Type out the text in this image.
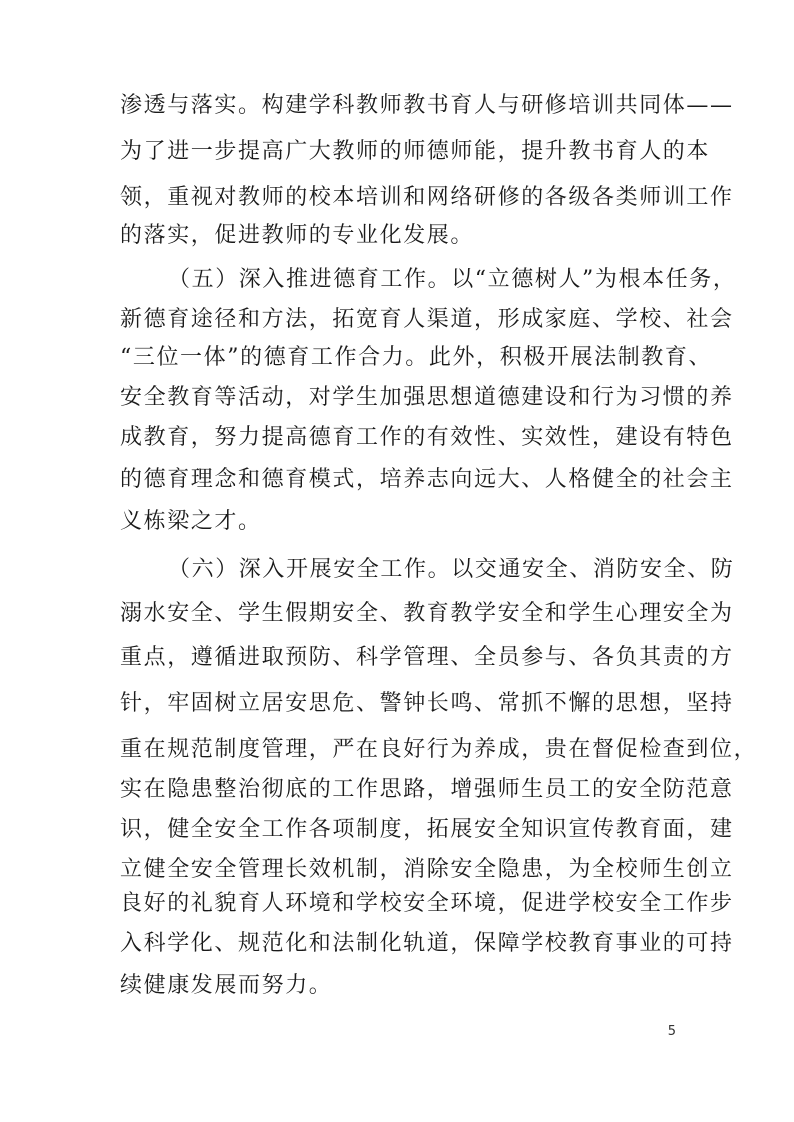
渗透与落实。构建学科教师教书育人与研修培训共同体——
为了进一步提高广大教师的师德师能，提升教书育人的本
领，重视对教师的校本培训和网络研修的各级各类师训工作
的落实，促进教师的专业化发展。
（五）深入推进德育工作。以“立德树人”为根本任务，
新德育途径和方法，拓宽育人渠道，形成家庭、学校、社会
“三位一体”的德育工作合力。此外，积极开展法制教育、
安全教育等活动，对学生加强思想道德建设和行为习惯的养
成教育，努力提高德育工作的有效性、实效性，建设有特色
的德育理念和德育模式，培养志向远大、人格健全的社会主
义栋梁之才。
（六）深入开展安全工作。以交通安全、消防安全、防
溺水安全、学生假期安全、教育教学安全和学生心理安全为
重点，遵循进取预防、科学管理、全员参与、各负其责的方
针，牢固树立居安思危、警钟长鸣、常抓不懈的思想，坚持
重在规范制度管理，严在良好行为养成，贵在督促检查到位，
实在隐患整治彻底的工作思路，增强师生员工的安全防范意
识，健全安全工作各项制度，拓展安全知识宣传教育面，建
立健全安全管理长效机制，消除安全隐患，为全校师生创立
良好的礼貌育人环境和学校安全环境，促进学校安全工作步
入科学化、规范化和法制化轨道，保障学校教育事业的可持
续健康发展而努力。
5
